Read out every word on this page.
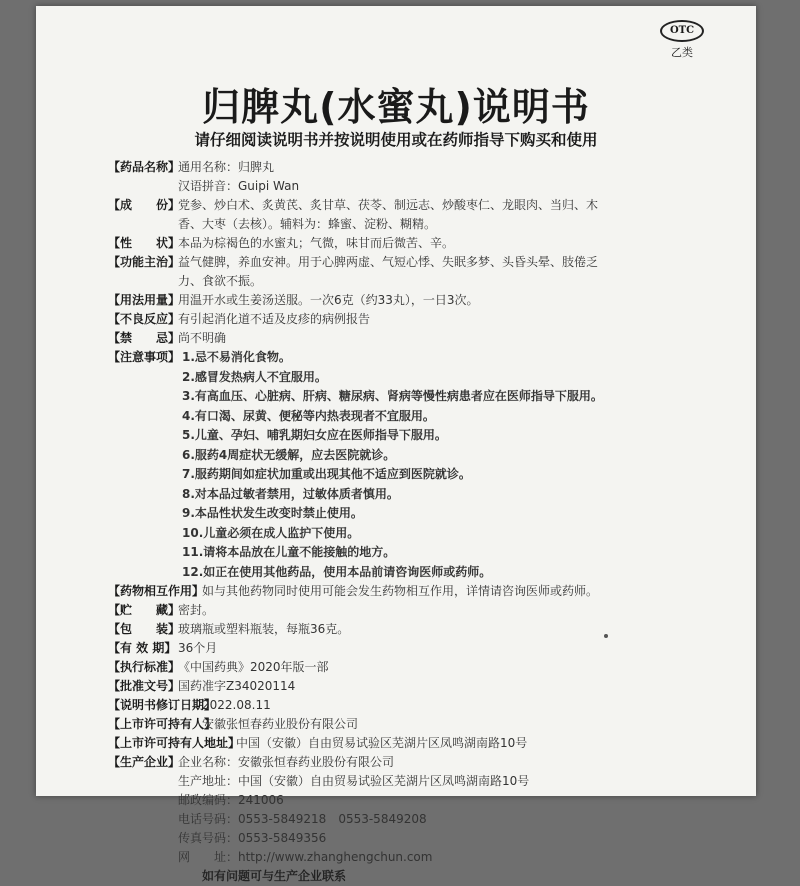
OTC
乙类
归脾丸(水蜜丸)说明书
请仔细阅读说明书并按说明使用或在药师指导下购买和使用
【药品名称】
通用名称：归脾丸
汉语拼音：Guipi Wan
【成　　份】
党参、炒白术、炙黄芪、炙甘草、茯苓、制远志、炒酸枣仁、龙眼肉、当归、木
香、大枣（去核）。辅料为：蜂蜜、淀粉、糊精。
【性　　状】
本品为棕褐色的水蜜丸；气微，味甘而后微苦、辛。
【功能主治】
益气健脾，养血安神。用于心脾两虚、气短心悸、失眠多梦、头昏头晕、肢倦乏
力、食欲不振。
【用法用量】
用温开水或生姜汤送服。一次6克（约33丸），一日3次。
【不良反应】
有引起消化道不适及皮疹的病例报告
【禁　　忌】
尚不明确
【注意事项】 1.忌不易消化食物。
2.感冒发热病人不宜服用。
3.有高血压、心脏病、肝病、糖尿病、肾病等慢性病患者应在医师指导下服用。
4.有口渴、尿黄、便秘等内热表现者不宜服用。
5.儿童、孕妇、哺乳期妇女应在医师指导下服用。
6.服药4周症状无缓解，应去医院就诊。
7.服药期间如症状加重或出现其他不适应到医院就诊。
8.对本品过敏者禁用，过敏体质者慎用。
9.本品性状发生改变时禁止使用。
10.儿童必须在成人监护下使用。
11.请将本品放在儿童不能接触的地方。
12.如正在使用其他药品，使用本品前请咨询医师或药师。
【药物相互作用】
如与其他药物同时使用可能会发生药物相互作用，详情请咨询医师或药师。
【贮　　藏】
密封。
【包　　装】
玻璃瓶或塑料瓶装，每瓶36克。
【有 效 期】 36个月
【执行标准】
《中国药典》2020年版一部
【批准文号】
国药准字Z34020114
【说明书修订日期】
2022.08.11
【上市许可持有人】
安徽张恒春药业股份有限公司
【上市许可持有人地址】
中国（安徽）自由贸易试验区芜湖片区凤鸣湖南路10号
【生产企业】
企业名称：安徽张恒春药业股份有限公司
生产地址：中国（安徽）自由贸易试验区芜湖片区凤鸣湖南路10号
邮政编码：241006
电话号码：0553-5849218　0553-5849208
传真号码：0553-5849356
网　　址：http://www.zhanghengchun.com
如有问题可与生产企业联系
